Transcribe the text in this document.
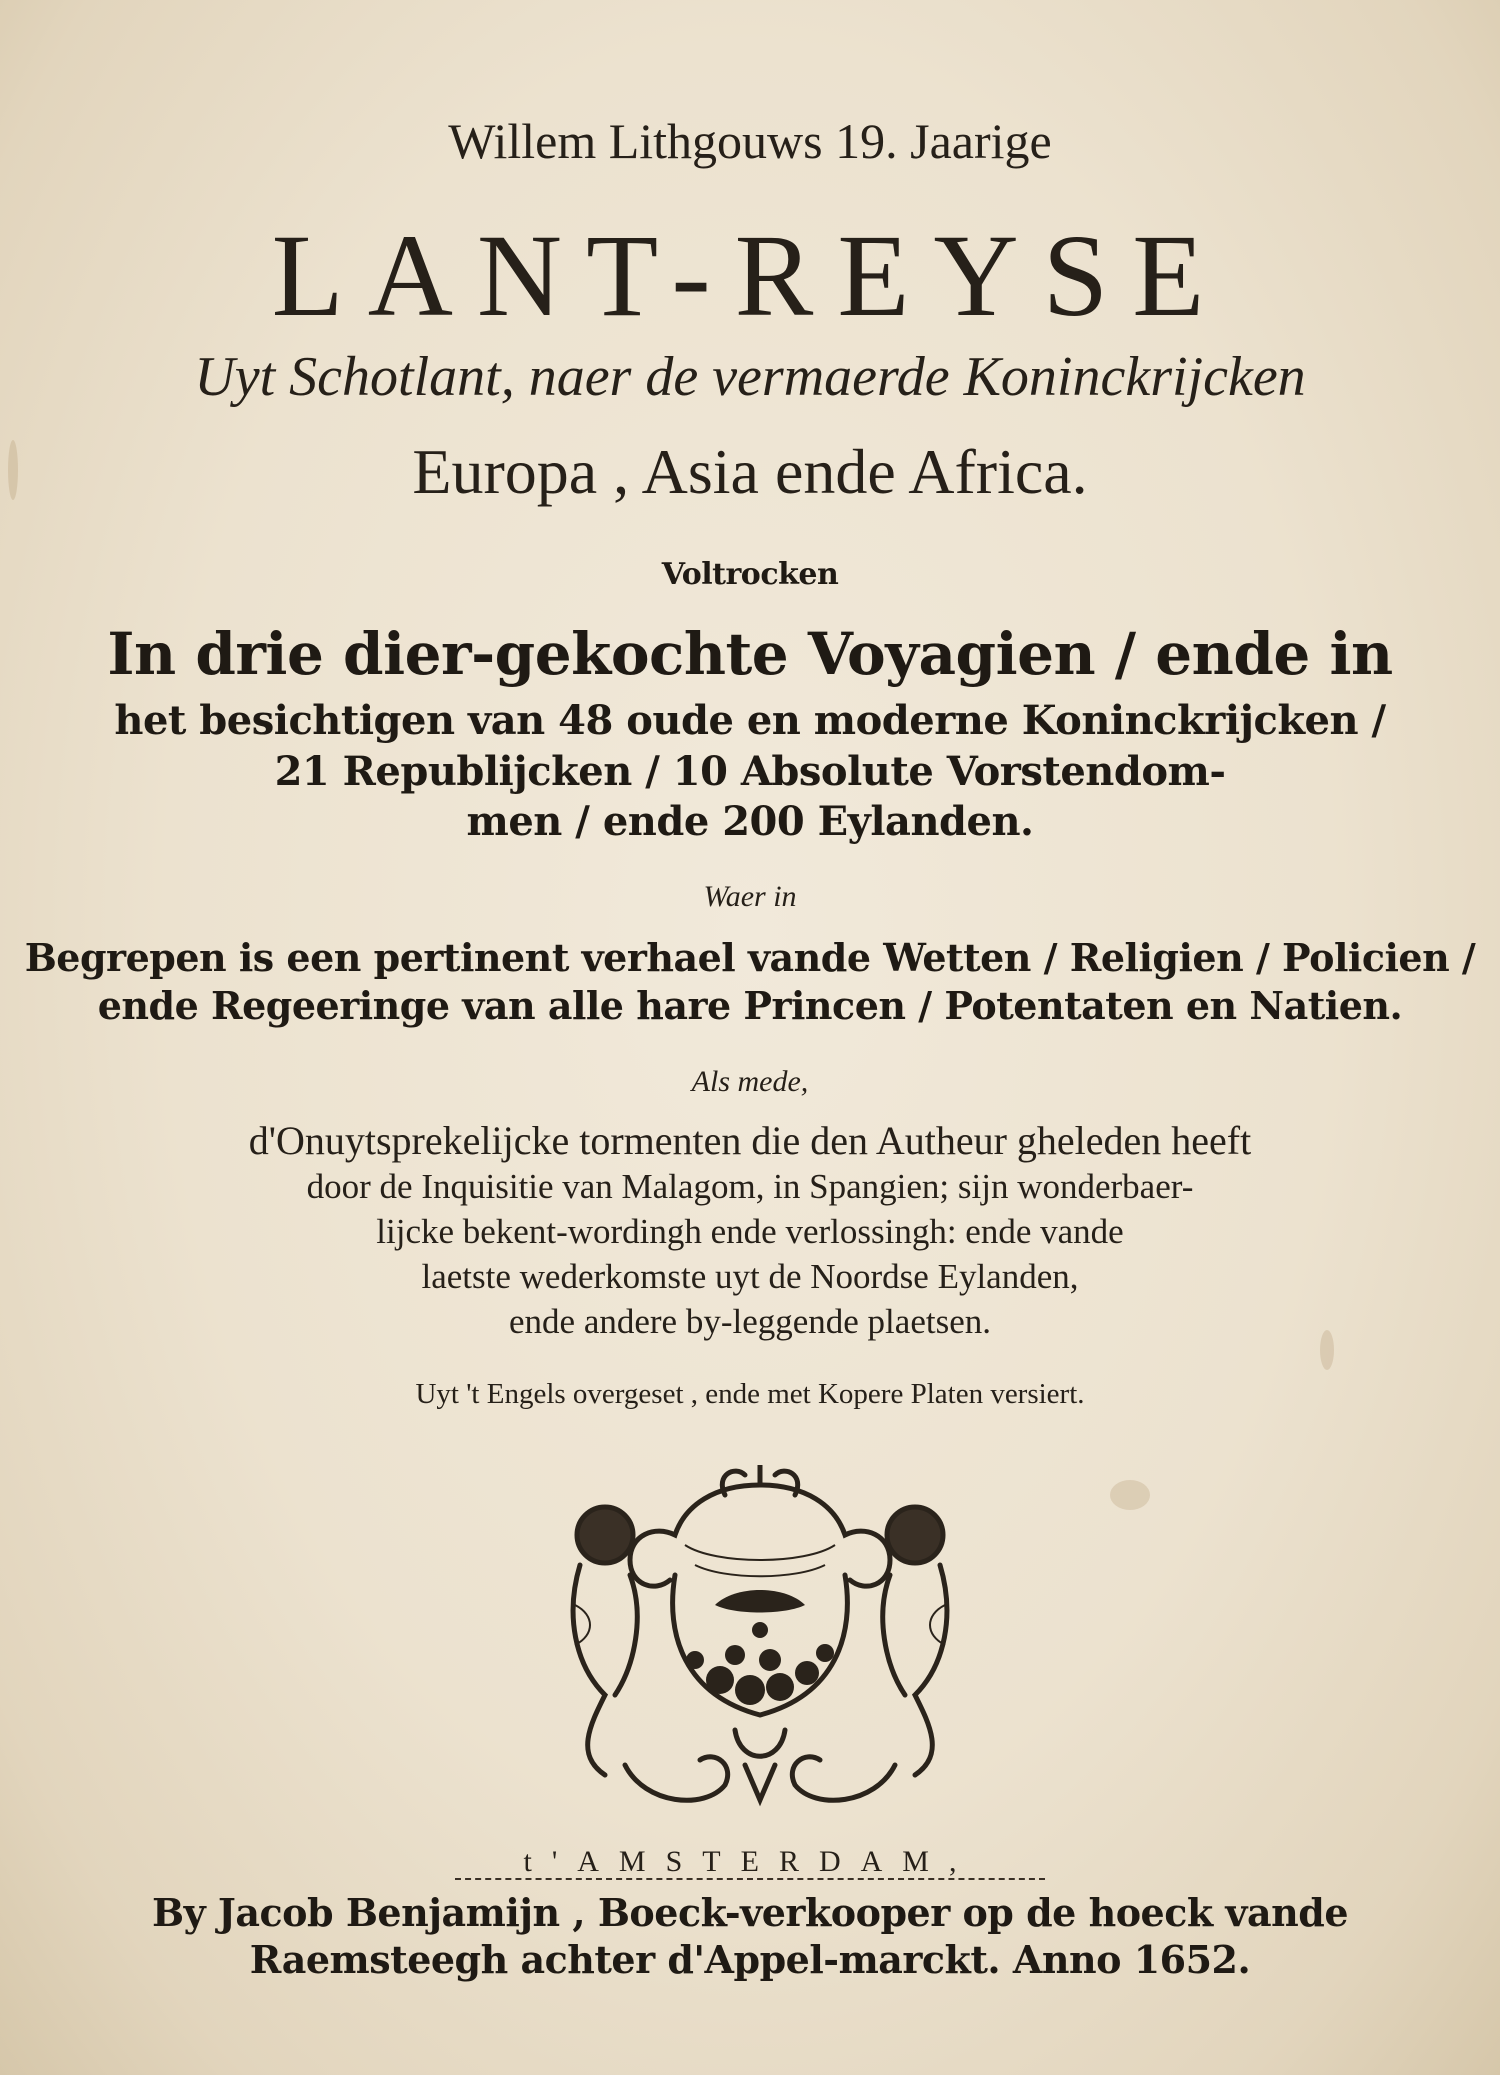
Willem Lithgouws 19. Jaarige

LANT-REYSE

Uyt Schotlant, naer de vermaerde Koninckrijcken

Europa , Asia ende Africa.

Voltrocken

In drie dier-gekochte Voyagien / ende in

het besichtigen van 48 oude en moderne Koninckrijcken /

21 Republijcken / 10 Absolute Vorstendom-

men / ende 200 Eylanden.

Waer in

Begrepen is een pertinent verhael vande Wetten / Religien / Policien /

ende Regeeringe van alle hare Princen / Potentaten en Natien.

Als mede,

d'Onuytsprekelijcke tormenten die den Autheur gheleden heeft

door de Inquisitie van Malagom, in Spangien; sijn wonderbaer-

lijcke bekent-wordingh ende verlossingh: ende vande

laetste wederkomste uyt de Noordse Eylanden,

ende andere by-leggende plaetsen.

Uyt 't Engels overgeset , ende met Kopere Platen versiert.

t'AMSTERDAM,

By Jacob Benjamijn , Boeck-verkooper op de hoeck vande

Raemsteegh achter d'Appel-marckt. Anno 1652.
